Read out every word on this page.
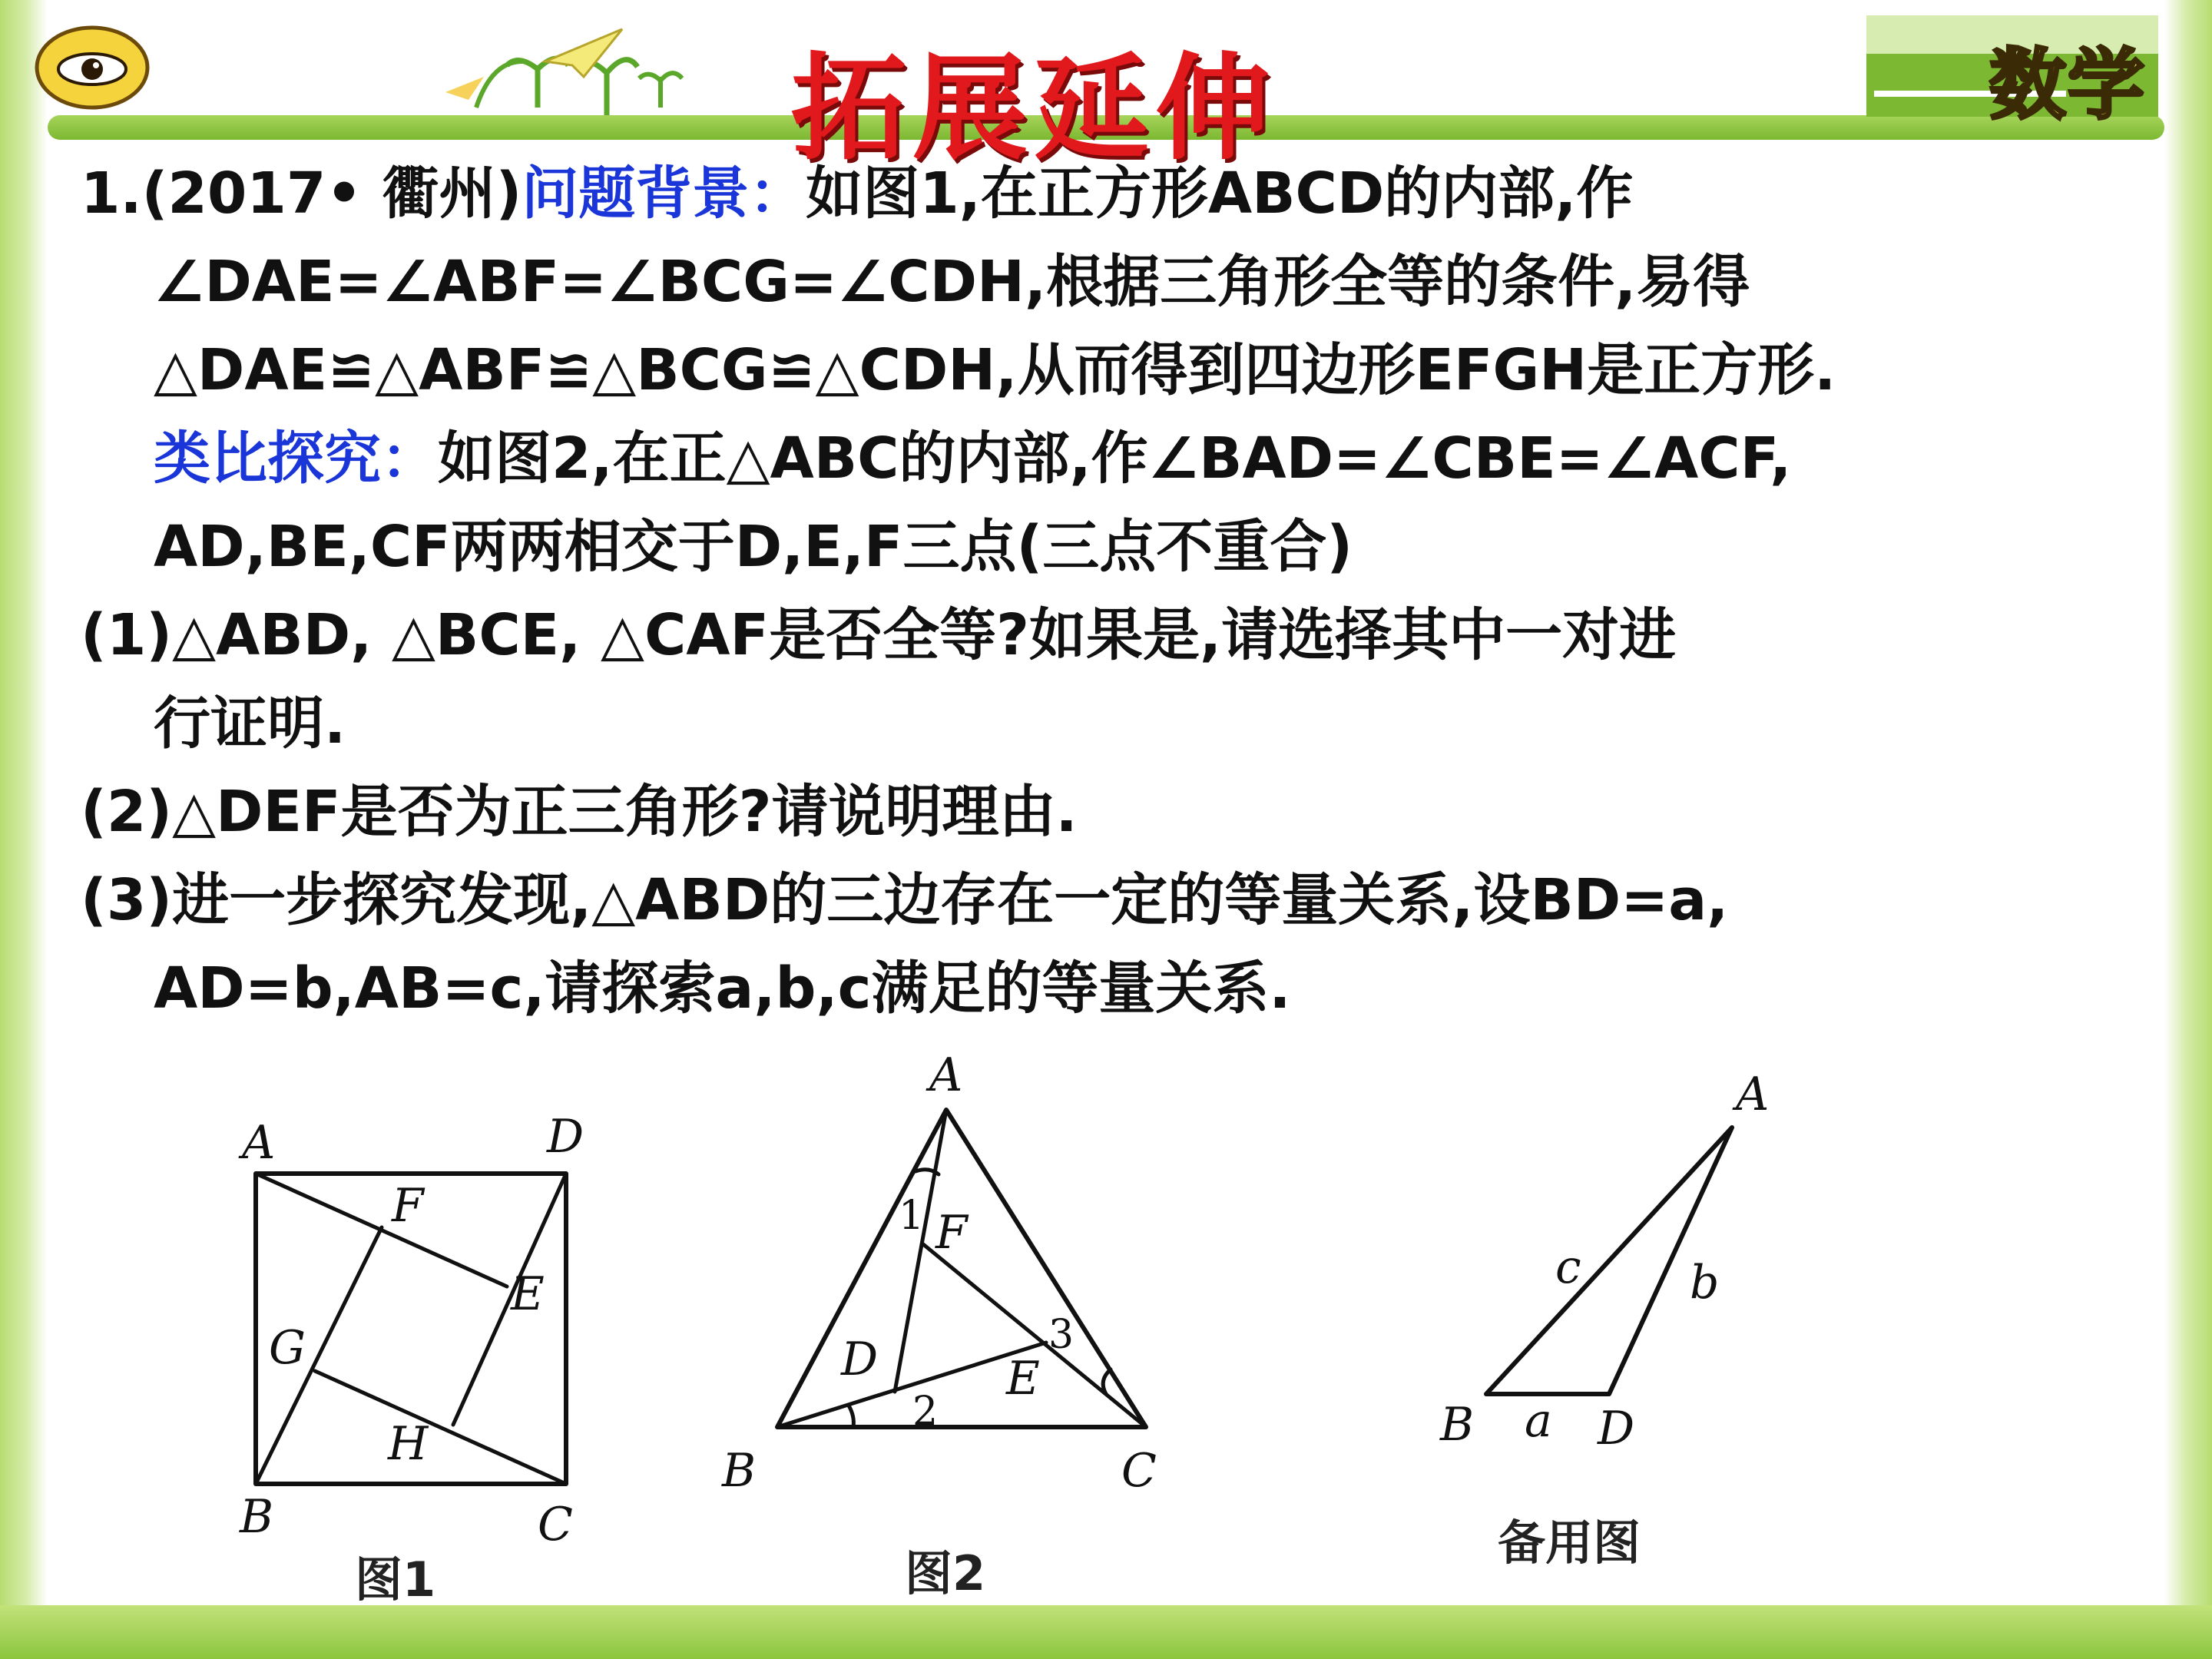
拓展延伸	数学
1.(2017• 衢州)问题背景：如图1,在正方形ABCD的内部,作
∠DAE=∠ABF=∠BCG=∠CDH,根据三角形全等的条件,易得
△DAE≌△ABF≌△BCG≌△CDH,从而得到四边形EFGH是正方形.
类比探究：如图2,在正△ABC的内部,作∠BAD=∠CBE=∠ACF,
AD,BE,CF两两相交于D,E,F三点(三点不重合)
(1)△ABD, △BCE, △CAF是否全等?如果是,请选择其中一对进
行证明.
(2)△DEF是否为正三角形?请说明理由.
(3)进一步探究发现,△ABD的三边存在一定的等量关系,设BD=a,
AD=b,AB=c,请探索a,b,c满足的等量关系.
A	D
B	C
F
E
G
H
图1
A
B	C
D	E
F
1
2
3
图2
A
B	D
a
b
c
备用图
